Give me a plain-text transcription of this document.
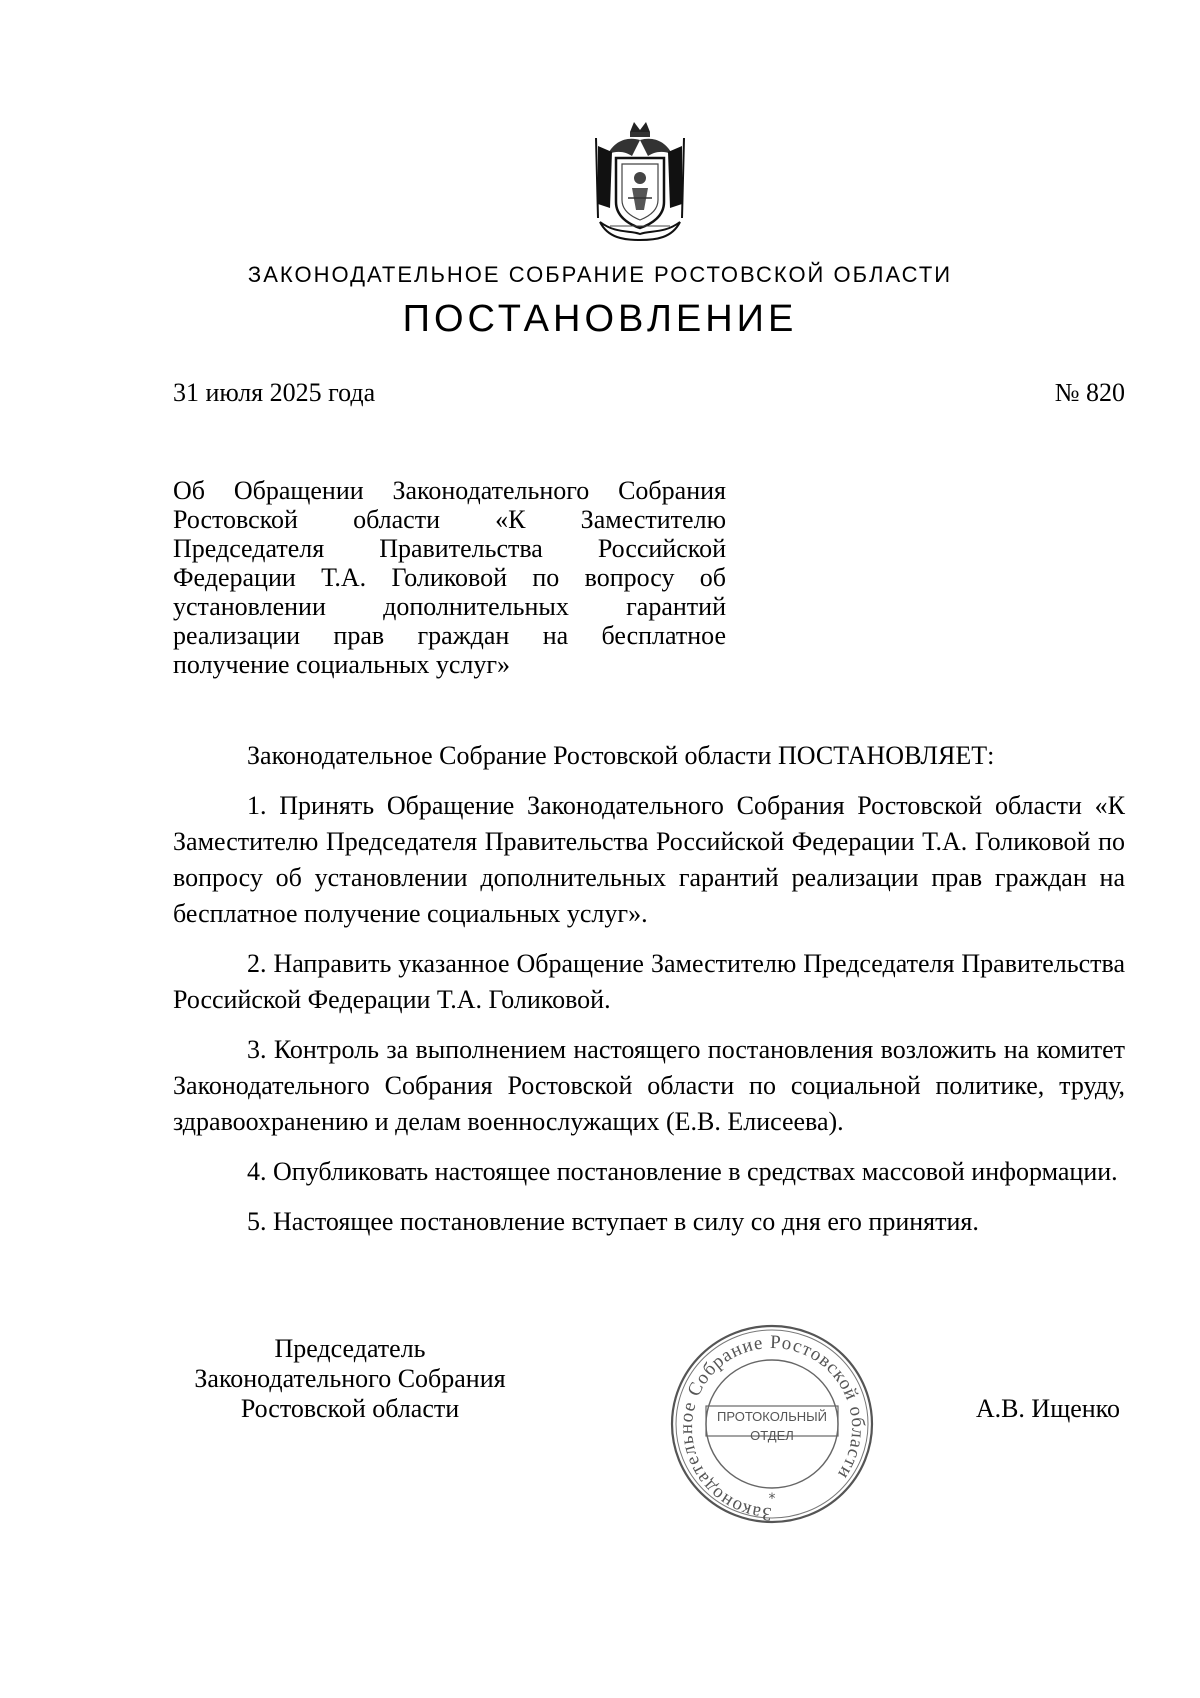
ЗАКОНОДАТЕЛЬНОЕ СОБРАНИЕ РОСТОВСКОЙ ОБЛАСТИ
ПОСТАНОВЛЕНИЕ
31 июля 2025 года	№ 820

Об Обращении Законодательного Собрания Ростовской области «К Заместителю Председателя Правительства Российской Федерации Т.А. Голиковой по вопросу об установлении дополнительных гарантий реализации прав граждан на бесплатное получение социальных услуг»

Законодательное Собрание Ростовской области ПОСТАНОВЛЯЕТ:

1. Принять Обращение Законодательного Собрания Ростовской области «К Заместителю Председателя Правительства Российской Федерации Т.А. Голиковой по вопросу об установлении дополнительных гарантий реализации прав граждан на бесплатное получение социальных услуг».

2. Направить указанное Обращение Заместителю Председателя Правительства Российской Федерации Т.А. Голиковой.

3. Контроль за выполнением настоящего постановления возложить на комитет Законодательного Собрания Ростовской области по социальной политике, труду, здравоохранению и делам военнослужащих (Е.В. Елисеева).

4. Опубликовать настоящее постановление в средствах массовой информации.

5. Настоящее постановление вступает в силу со дня его принятия.

Председатель
Законодательного Собрания
Ростовской области	А.В. Ищенко
Законодательное Собрание Ростовской области
*
ПРОТОКОЛЬНЫЙ
ОТДЕЛ
